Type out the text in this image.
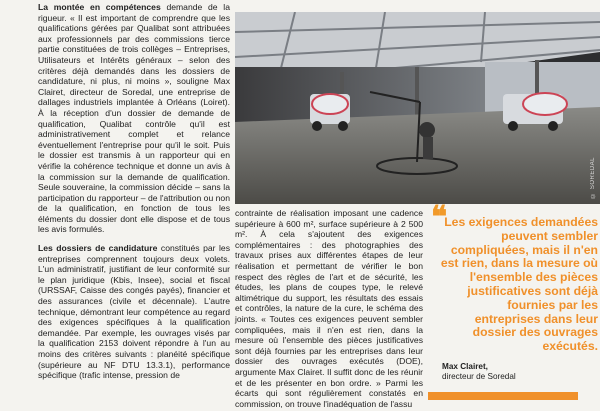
La montée en compétences demande de la rigueur. « Il est important de comprendre que les qualifications gérées par Qualibat sont attribuées aux professionnels par des commissions tierce partie constituées de trois collèges – Entreprises, Utilisateurs et Intérêts généraux – selon des critères déjà demandés dans les dossiers de candidature, ni plus, ni moins », souligne Max Clairet, directeur de Soredal, une entreprise de dallages industriels implantée à Orléans (Loiret). À la réception d'un dossier de demande de qualification, Qualibat contrôle qu'il est administrativement complet et relance éventuellement l'entreprise pour qu'il le soit. Puis le dossier est transmis à un rapporteur qui en vérifie la cohérence technique et donne un avis à la commission sur la demande de qualification. Seule souveraine, la commission décide – sans la participation du rapporteur – de l'attribution ou non de la qualification, en fonction de tous les éléments du dossier dont elle dispose et de tous les avis formulés.

Les dossiers de candidature constitués par les entreprises comprennent toujours deux volets. L'un administratif, justifiant de leur conformité sur le plan juridique (Kbis, Insee), social et fiscal (URSSAF, Caisse des congés payés), financier et des assurances (civile et décennale). L'autre technique, démontrant leur compétence au regard des exigences spécifiques à la qualification demandée. Par exemple, les ouvrages visés par la qualification 2153 doivent répondre à l'un au moins des critères suivants : planéité spécifique (supérieure au NF DTU 13.3.1), performance spécifique (trafic intense, pression de

© SOREDAL

contrainte de réalisation imposant une cadence supérieure à 600 m², surface supérieure à 2 500 m². À cela s'ajoutent des exigences complémentaires : des photographies des travaux prises aux différentes étapes de leur réalisation et permettant de vérifier le bon respect des règles de l'art et de sécurité, les études, les plans de coupes type, le relevé altimétrique du support, les résultats des essais et contrôles, la nature de la cure, le schéma des joints. « Toutes ces exigences peuvent sembler compliquées, mais il n'en est rien, dans la mesure où l'ensemble des pièces justificatives sont déjà fournies par les entreprises dans leur dossier des ouvrages exécutés (DOE), argumente Max Clairet. Il suffit donc de les réunir et de les présenter en bon ordre. » Parmi les écarts qui sont régulièrement constatés en commission, on trouve l'inadéquation de l'assu

❝
Les exigences demandées peuvent sembler compliquées, mais il n'en est rien, dans la mesure où l'ensemble des pièces justificatives sont déjà fournies par les entreprises dans leur dossier des ouvrages exécutés.
Max Clairet,
directeur de Soredal
